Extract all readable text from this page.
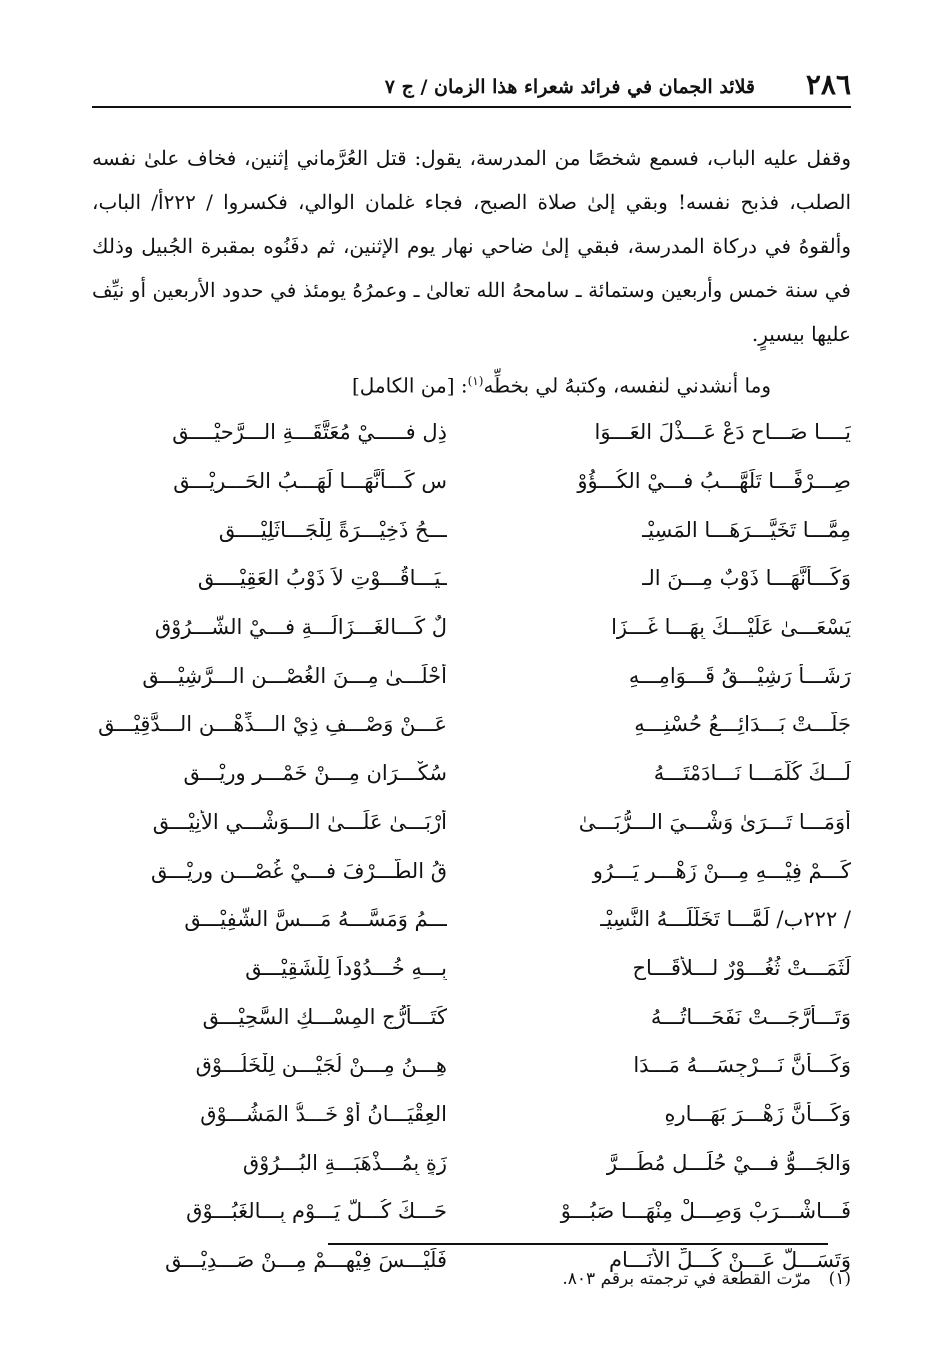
٢٨٦
قلائد الجمان في فرائد شعراء هذا الزمان / ج ٧

وقفل عليه الباب، فسمع شخصًا من المدرسة، يقول: قتل العُرَّماني إثنين، فخاف علىٰ نفسه الصلب، فذبح نفسه! وبقي إلىٰ صلاة الصبح، فجاء غلمان الوالي، فكسروا / ٢٢٢أ/ الباب، وألقوهُ في دركاة المدرسة، فبقي إلىٰ ضاحي نهار يوم الإثنين، ثم دفَنُوه بمقبرة الجُبيل وذلك في سنة خمس وأربعين وستمائة ـ سامحهُ الله تعالىٰ ـ وعمرُهُ يومئذ في حدود الأربعين أو نيِّف عليها بيسيرٍ.

وما أنشدني لنفسه، وكتبهُ لي بخطِّه$^{(١)}$: [من الكامل]
يَــــا صَـــاحِ دَعْ عَـــذْلَ العَـــوَا
ذِل فـــــيْ مُعَتَّقَـــةِ الـــرَّحيْــــق
صِـــرْفًـــا تَلَهَّـــبُ فـــيْ الكُـــؤُوْ
سِ كَـــأنَّهَـــا لَهَـــبُ الحَـــرِيْـــق
مِمَّـــا تَخَيَّـــرَهَـــا المَسِيْـ
ـــحُ ذَخِيْـــرَةً لِلْجَـــاثَلِيْــــق
وَكَـــأنَّهَـــا ذَوْبٌ مِـــنَ الـ
ـيَـــاقُـــوْتِ لاَ ذَوْبُ العَقِيْــــق
يَسْعَـــىٰ عَلَيْـــكَ بِهَـــا غَـــزَا
لٌ كَـــالغَـــزَالَـــةِ فـــيْ الشُّـــرُوْق
رَشَـــأٌ رَشِيْـــقُ قَـــوَامِـــهِ
أحْلَـــىٰ مِـــنَ الغُصْـــنِ الـــرَّشِيْـــق
جَلَّـــتْ بَـــدَائِـــعُ حُسْنِـــهِ
عَـــنْ وَصْـــفِ ذِيْ الـــذِّهْـــنِ الـــدَّقِيْـــق
لَـــكَ كُلَّمَـــا نَـــادَمْتَـــهُ
سُكْـــرَانِ مِـــنْ خَمْـــرٍ ورِيْـــق
أوَمَـــا تَـــرَىٰ وَشْـــيَ الـــرُّبَـــىٰ
أرْبَـــىٰ عَلَـــىٰ الـــوَشْـــيِ الأنِيْـــق
كَـــمْ فِيْـــهِ مِـــنْ زَهْـــرٍ يَـــرُو
قُ الطَّـــرْفَ فـــيْ غُصْـــنٍ ورِيْـــق
/ ٢٢٢ب/ لَمَّـــا تَخَلَّلَـــهُ النَّسِيْـ
ـــمُ وَمَسَّـــهُ مَـــسَّ الشَّفِيْـــق
لَثَمَـــتْ ثُغُـــوْرٌ لـــلأقَـــاحِ
بِـــهِ خُـــدُوْداً لِلْشَقِيْـــق
وَتَـــأرَّجَـــتْ نَفَحَـــاتُـــهُ
كَتَـــأرُّجِ المِسْـــكِ السَّحِيْـــق
وَكَـــأنَّ نَـــرْجِسَـــهُ مَـــدَا
هِـــنُ مِـــنْ لُجَيْـــنٍ لِلْخَلُـــوْق
وَكَـــأنَّ زَهْـــرَ بَهَـــارِهِ
العِقْيَـــانُ أوْ خَـــدُّ المَشُـــوْق
وَالجَـــوُّ فـــيْ حُلَـــلٍ مُطَـــرَّ
زَةٍ بِمُـــذْهَبَـــةِ البُـــرُوْق
فَـــاشْـــرَبْ وَصِـــلْ مِنْهَـــا صَبُـــوْ
حَـــكَ كُـــلَّ يَـــوْمٍ بِـــالغَبُـــوْق
وَتَسَـــلَّ عَـــنْ كُـــلِّ الأنَـــامِ
فَلَيْـــسَ فِيْهِـــمْ مِـــنْ صَـــدِيْـــق
(١)مرّت القطعة في ترجمته برقم ٨٠٣.
